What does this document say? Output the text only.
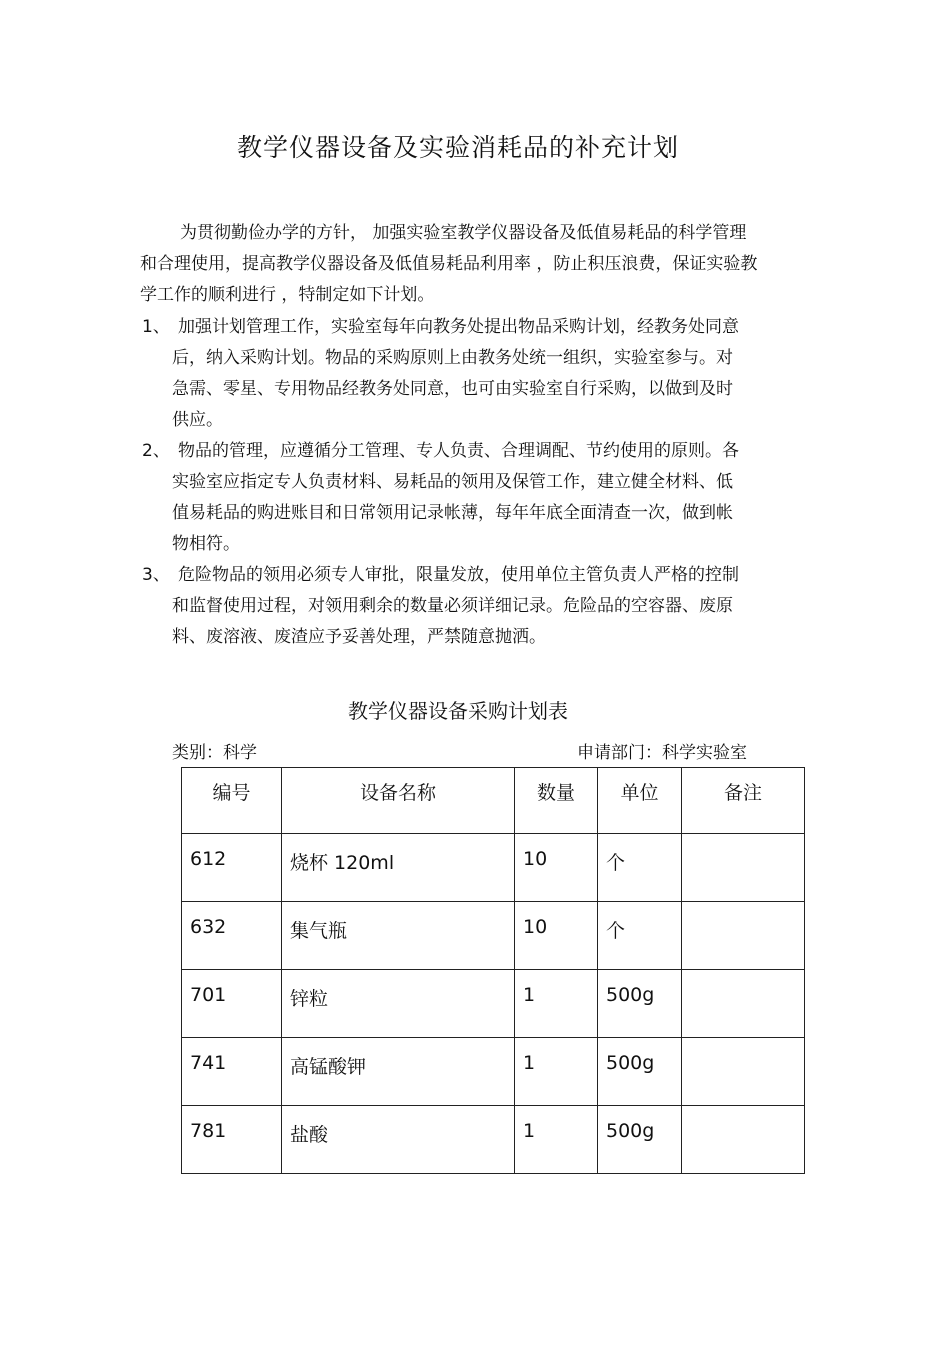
教学仪器设备及实验消耗品的补充计划
为贯彻勤俭办学的方针， 加强实验室教学仪器设备及低值易耗品的科学管理
和合理使用，提高教学仪器设备及低值易耗品利用率 ，防止积压浪费，保证实验教
学工作的顺利进行 ，特制定如下计划。
1、 加强计划管理工作，实验室每年向教务处提出物品采购计划，经教务处同意
后，纳入采购计划。物品的采购原则上由教务处统一组织，实验室参与。对
急需、零星、专用物品经教务处同意，也可由实验室自行采购，以做到及时
供应。
2、 物品的管理，应遵循分工管理、专人负责、合理调配、节约使用的原则。各
实验室应指定专人负责材料、易耗品的领用及保管工作，建立健全材料、低
值易耗品的购进账目和日常领用记录帐薄，每年年底全面清查一次，做到帐
物相符。
3、 危险物品的领用必须专人审批，限量发放，使用单位主管负责人严格的控制
和监督使用过程，对领用剩余的数量必须详细记录。危险品的空容器、废原
料、废溶液、废渣应予妥善处理，严禁随意抛洒。
教学仪器设备采购计划表
类别：科学	申请部门：科学实验室
编号	设备名称	数量	单位	备注
612	烧杯 120ml	10	个	
632	集气瓶	10	个	
701	锌粒	1	500g	
741	高锰酸钾	1	500g	
781	盐酸	1	500g	
